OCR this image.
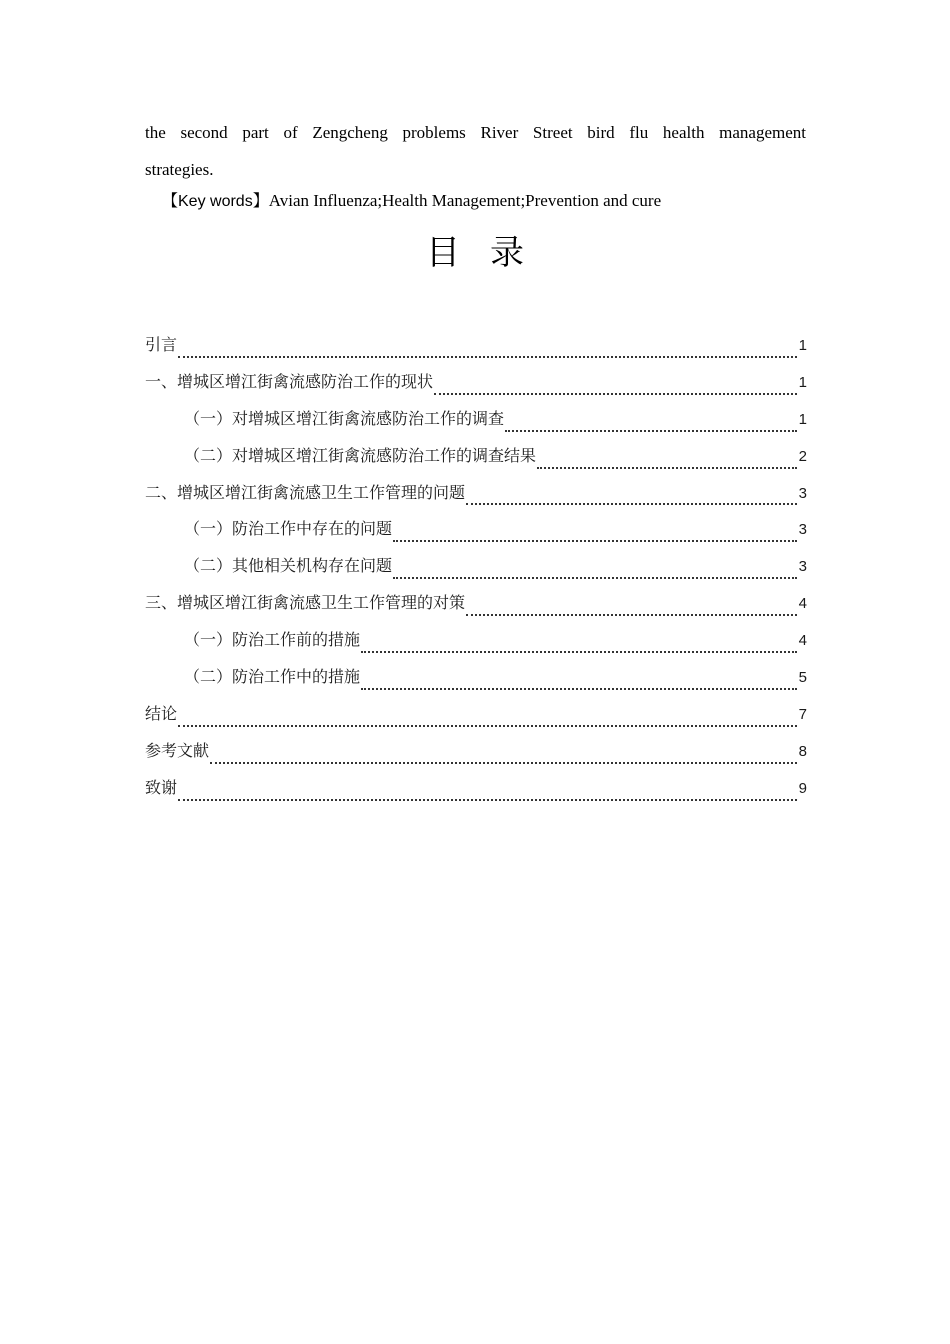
the second part of Zengcheng problems River Street bird flu health management
strategies.
【Key words】Avian Influenza;Health Management;Prevention and cure
目录
引言	1
一、增城区增江街禽流感防治工作的现状	1
（一）对增城区增江街禽流感防治工作的调查	1
（二）对增城区增江街禽流感防治工作的调查结果	2
二、增城区增江街禽流感卫生工作管理的问题	3
（一）防治工作中存在的问题	3
（二）其他相关机构存在问题	3
三、增城区增江街禽流感卫生工作管理的对策	4
（一）防治工作前的措施	4
（二）防治工作中的措施	5
结论	7
参考文献	8
致谢	9
